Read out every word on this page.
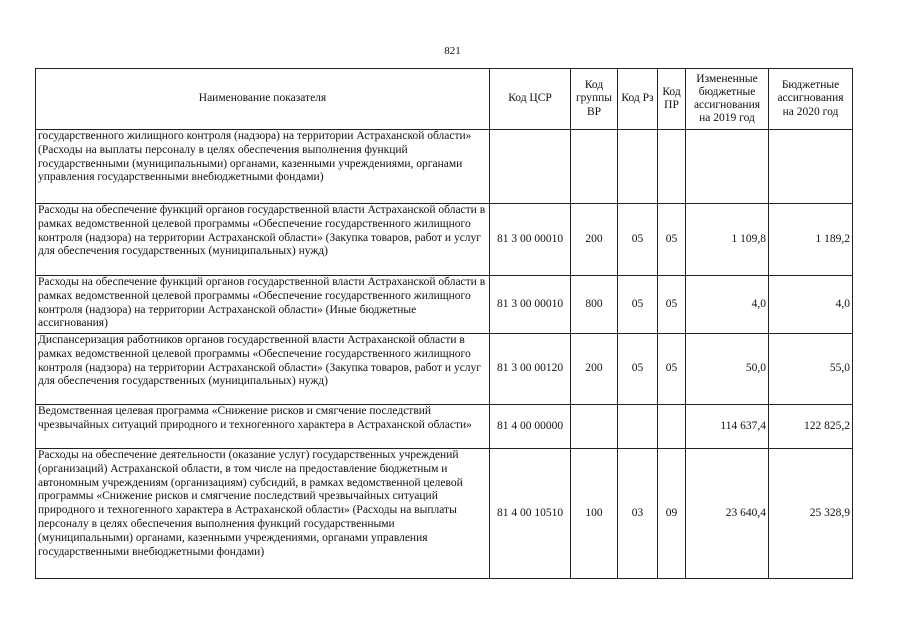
821
Наименование показателя	Код ЦСР	Код группы ВР	Код Рз	Код ПР	Измененные бюджетные ассигнования на 2019 год	Бюджетные ассигнования на 2020 год
государственного жилищного контроля (надзора) на территории Астраханской области» (Расходы на выплаты персоналу в целях обеспечения выполнения функций государственными (муниципальными) органами, казенными учреждениями, органами управления государственными внебюджетными фондами)						
Расходы на обеспечение функций органов государственной власти Астраханской области в рамках ведомственной целевой программы «Обеспечение государственного жилищного контроля (надзора) на территории Астраханской области» (Закупка товаров, работ и услуг для обеспечения государственных (муниципальных) нужд)	81 3 00 00010	200	05	05	1 109,8	1 189,2
Расходы на обеспечение функций органов государственной власти Астраханской области в рамках ведомственной целевой программы «Обеспечение государственного жилищного контроля (надзора) на территории Астраханской области» (Иные бюджетные ассигнования)	81 3 00 00010	800	05	05	4,0	4,0
Диспансеризация работников органов государственной власти Астраханской области в рамках ведомственной целевой программы «Обеспечение государственного жилищного контроля (надзора) на территории Астраханской области» (Закупка товаров, работ и услуг для обеспечения государственных (муниципальных) нужд)	81 3 00 00120	200	05	05	50,0	55,0
Ведомственная целевая программа «Снижение рисков и смягчение последствий чрезвычайных ситуаций природного и техногенного характера в Астраханской области»	81 4 00 00000				114 637,4	122 825,2
Расходы на обеспечение деятельности (оказание услуг) государственных учреждений (организаций) Астраханской области, в том числе на предоставление бюджетным и автономным учреждениям (организациям) субсидий, в рамках ведомственной целевой программы «Снижение рисков и смягчение последствий чрезвычайных ситуаций природного и техногенного характера в Астраханской области» (Расходы на выплаты персоналу в целях обеспечения выполнения функций государственными (муниципальными) органами, казенными учреждениями, органами управления государственными внебюджетными фондами)	81 4 00 10510	100	03	09	23 640,4	25 328,9
